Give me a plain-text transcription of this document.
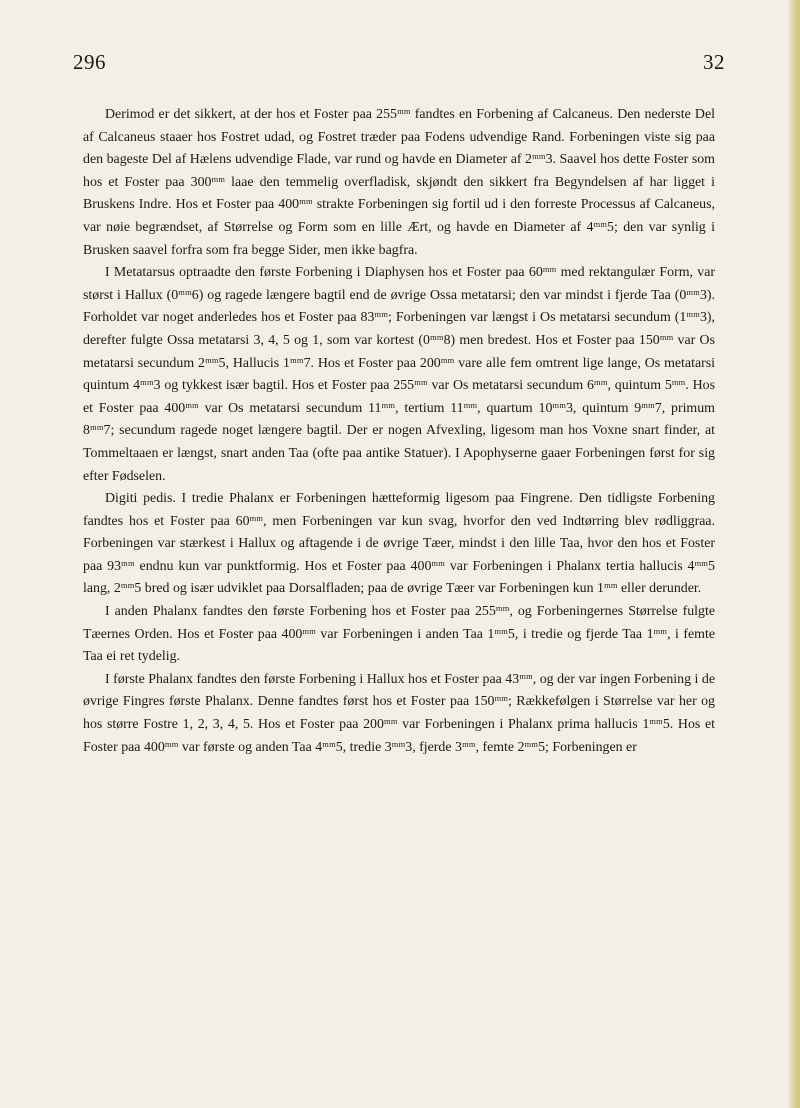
296	32

Derimod er det sikkert, at der hos et Foster paa 255ᵐᵐ fandtes en Forbening af Calcaneus. Den nederste Del af Calcaneus staaer hos Fostret udad, og Fostret træder paa Fodens udvendige Rand. Forbeningen viste sig paa den bageste Del af Hælens udvendige Flade, var rund og havde en Diameter af 2ᵐᵐ3. Saavel hos dette Foster som hos et Foster paa 300ᵐᵐ laae den temmelig overfladisk, skjøndt den sikkert fra Begyndelsen af har ligget i Bruskens Indre. Hos et Foster paa 400ᵐᵐ strakte Forbeningen sig fortil ud i den forreste Processus af Calcaneus, var nøie begrændset, af Størrelse og Form som en lille Ært, og havde en Diameter af 4ᵐᵐ5; den var synlig i Brusken saavel forfra som fra begge Sider, men ikke bagfra.

I Metatarsus optraadte den første Forbening i Diaphysen hos et Foster paa 60ᵐᵐ med rektangulær Form, var størst i Hallux (0ᵐᵐ6) og ragede længere bagtil end de øvrige Ossa metatarsi; den var mindst i fjerde Taa (0ᵐᵐ3). Forholdet var noget anderledes hos et Foster paa 83ᵐᵐ; Forbeningen var længst i Os metatarsi secundum (1ᵐᵐ3), derefter fulgte Ossa metatarsi 3, 4, 5 og 1, som var kortest (0ᵐᵐ8) men bredest. Hos et Foster paa 150ᵐᵐ var Os metatarsi secundum 2ᵐᵐ5, Hallucis 1ᵐᵐ7. Hos et Foster paa 200ᵐᵐ vare alle fem omtrent lige lange, Os metatarsi quintum 4ᵐᵐ3 og tykkest især bagtil. Hos et Foster paa 255ᵐᵐ var Os metatarsi secundum 6ᵐᵐ, quintum 5ᵐᵐ. Hos et Foster paa 400ᵐᵐ var Os metatarsi secundum 11ᵐᵐ, tertium 11ᵐᵐ, quartum 10ᵐᵐ3, quintum 9ᵐᵐ7, primum 8ᵐᵐ7; secundum ragede noget længere bagtil. Der er nogen Afvexling, ligesom man hos Voxne snart finder, at Tommeltaaen er længst, snart anden Taa (ofte paa antike Statuer). I Apophyserne gaaer Forbeningen først for sig efter Fødselen.

Digiti pedis. I tredie Phalanx er Forbeningen hætteformig ligesom paa Fingrene. Den tidligste Forbening fandtes hos et Foster paa 60ᵐᵐ, men Forbeningen var kun svag, hvorfor den ved Indtørring blev rødliggraa. Forbeningen var stærkest i Hallux og aftagende i de øvrige Tæer, mindst i den lille Taa, hvor den hos et Foster paa 93ᵐᵐ endnu kun var punktformig. Hos et Foster paa 400ᵐᵐ var Forbeningen i Phalanx tertia hallucis 4ᵐᵐ5 lang, 2ᵐᵐ5 bred og især udviklet paa Dorsalfladen; paa de øvrige Tæer var Forbeningen kun 1ᵐᵐ eller derunder.

I anden Phalanx fandtes den første Forbening hos et Foster paa 255ᵐᵐ, og Forbeningernes Størrelse fulgte Tæernes Orden. Hos et Foster paa 400ᵐᵐ var Forbeningen i anden Taa 1ᵐᵐ5, i tredie og fjerde Taa 1ᵐᵐ, i femte Taa ei ret tydelig.

I første Phalanx fandtes den første Forbening i Hallux hos et Foster paa 43ᵐᵐ, og der var ingen Forbening i de øvrige Fingres første Phalanx. Denne fandtes først hos et Foster paa 150ᵐᵐ; Rækkefølgen i Størrelse var her og hos større Fostre 1, 2, 3, 4, 5. Hos et Foster paa 200ᵐᵐ var Forbeningen i Phalanx prima hallucis 1ᵐᵐ5. Hos et Foster paa 400ᵐᵐ var første og anden Taa 4ᵐᵐ5, tredie 3ᵐᵐ3, fjerde 3ᵐᵐ, femte 2ᵐᵐ5; Forbeningen er
